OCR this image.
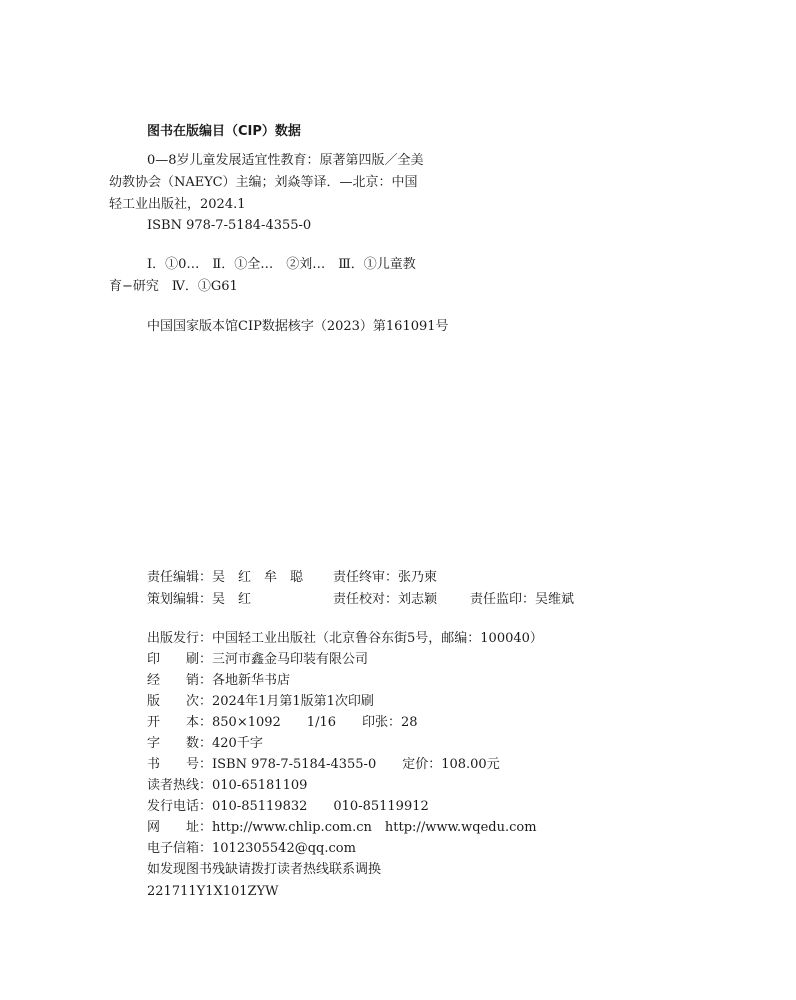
图书在版编目（CIP）数据
0—8岁儿童发展适宜性教育：原著第四版／全美
幼教协会（NAEYC）主编；刘焱等译．—北京：中国
轻工业出版社，2024.1
ISBN 978-7-5184-4355-0
Ⅰ．①0…　Ⅱ．①全…　②刘…　Ⅲ．①儿童教
育−研究　Ⅳ．①G61
中国国家版本馆CIP数据核字（2023）第161091号
责任编辑：吴　红　牟　聪 责任终审：张乃柬
策划编辑：吴　红	责任校对：刘志颖	责任监印：吴维斌
出版发行：中国轻工业出版社（北京鲁谷东街5号，邮编：100040）
印　　刷：三河市鑫金马印装有限公司
经　　销：各地新华书店
版　　次：2024年1月第1版第1次印刷
开　　本：850×1092　　1/16　　印张：28
字　　数：420千字
书　　号：ISBN 978-7-5184-4355-0　　定价：108.00元
读者热线：010-65181109
发行电话：010-85119832　　010-85119912
网　　址：http://www.chlip.com.cn　http://www.wqedu.com
电子信箱：1012305542@qq.com
如发现图书残缺请拨打读者热线联系调换
221711Y1X101ZYW
